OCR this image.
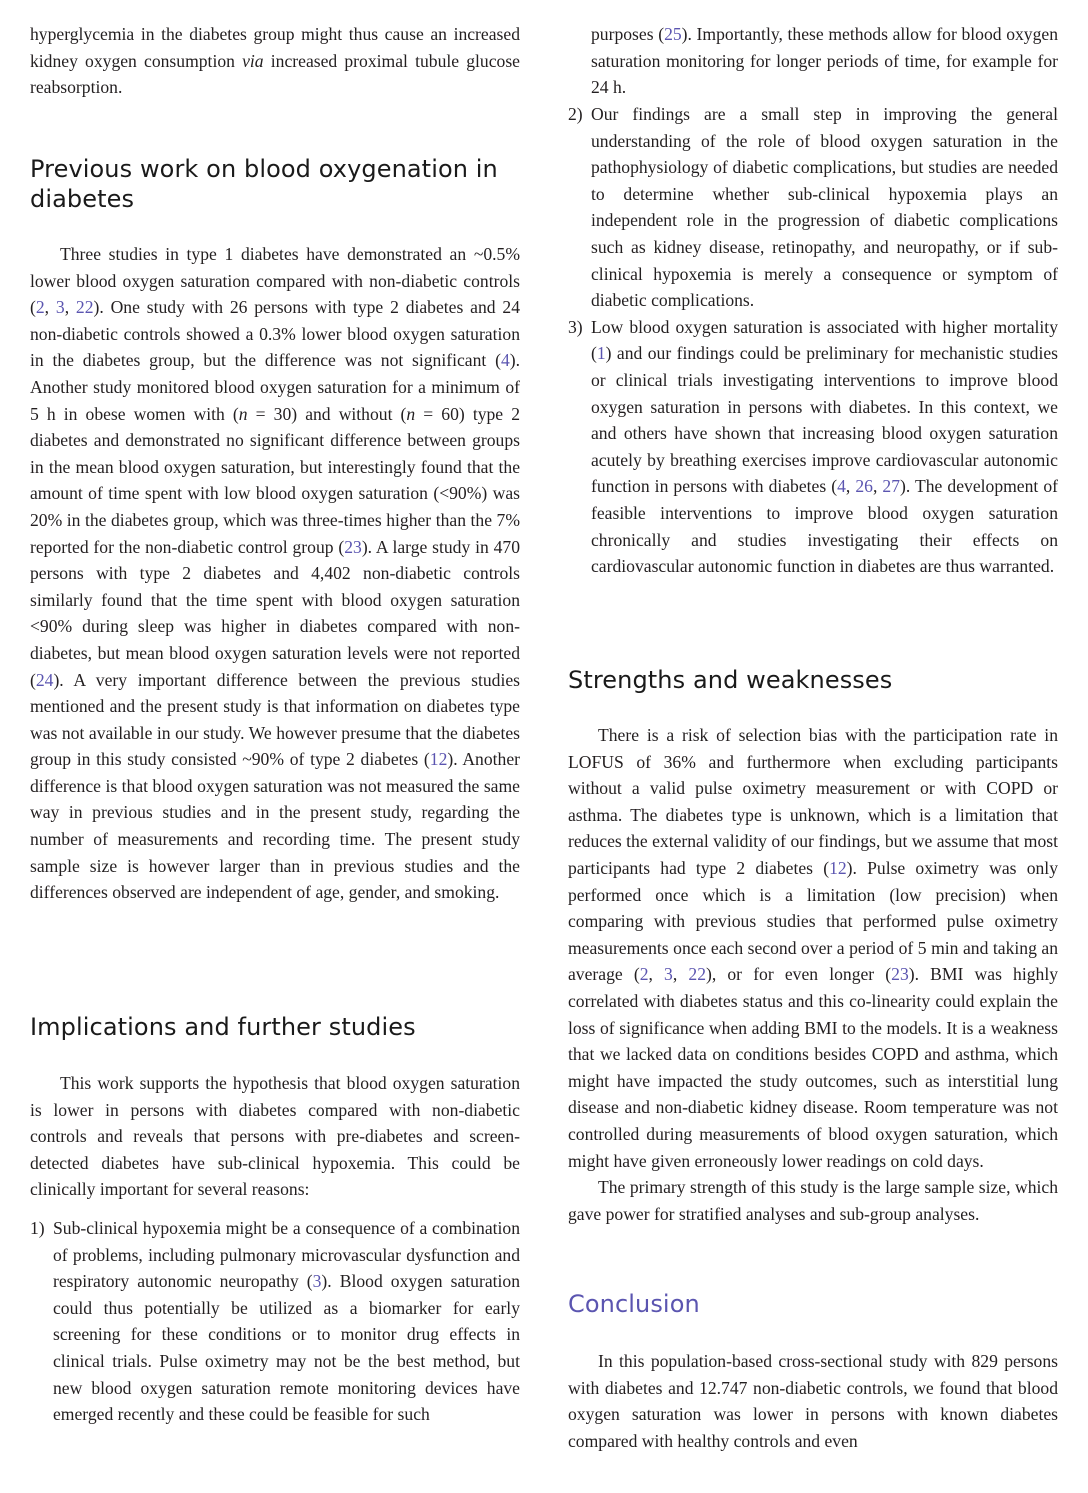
hyperglycemia in the diabetes group might thus cause an increased kidney oxygen consumption via increased proximal tubule glucose reabsorption.

Previous work on blood oxygenation in diabetes

Three studies in type 1 diabetes have demonstrated an ~0.5% lower blood oxygen saturation compared with non-diabetic controls (2, 3, 22). One study with 26 persons with type 2 diabetes and 24 non-diabetic controls showed a 0.3% lower blood oxygen saturation in the diabetes group, but the difference was not significant (4). Another study monitored blood oxygen saturation for a minimum of 5 h in obese women with (n = 30) and without (n = 60) type 2 diabetes and demonstrated no significant difference between groups in the mean blood oxygen saturation, but interestingly found that the amount of time spent with low blood oxygen saturation (<90%) was 20% in the diabetes group, which was three-times higher than the 7% reported for the non-diabetic control group (23). A large study in 470 persons with type 2 diabetes and 4,402 non-diabetic controls similarly found that the time spent with blood oxygen saturation <90% during sleep was higher in diabetes compared with non-diabetes, but mean blood oxygen saturation levels were not reported (24). A very important difference between the previous studies mentioned and the present study is that information on diabetes type was not available in our study. We however presume that the diabetes group in this study consisted ~90% of type 2 diabetes (12). Another difference is that blood oxygen saturation was not measured the same way in previous studies and in the present study, regarding the number of measurements and recording time. The present study sample size is however larger than in previous studies and the differences observed are independent of age, gender, and smoking.

Implications and further studies

This work supports the hypothesis that blood oxygen saturation is lower in persons with diabetes compared with non-diabetic controls and reveals that persons with pre-diabetes and screen-detected diabetes have sub-clinical hypoxemia. This could be clinically important for several reasons:

1) Sub-clinical hypoxemia might be a consequence of a combination of problems, including pulmonary microvascular dysfunction and respiratory autonomic neuropathy (3). Blood oxygen saturation could thus potentially be utilized as a biomarker for early screening for these conditions or to monitor drug effects in clinical trials. Pulse oximetry may not be the best method, but new blood oxygen saturation remote monitoring devices have emerged recently and these could be feasible for such

purposes (25). Importantly, these methods allow for blood oxygen saturation monitoring for longer periods of time, for example for 24 h.

2) Our findings are a small step in improving the general understanding of the role of blood oxygen saturation in the pathophysiology of diabetic complications, but studies are needed to determine whether sub-clinical hypoxemia plays an independent role in the progression of diabetic complications such as kidney disease, retinopathy, and neuropathy, or if sub-clinical hypoxemia is merely a consequence or symptom of diabetic complications.

3) Low blood oxygen saturation is associated with higher mortality (1) and our findings could be preliminary for mechanistic studies or clinical trials investigating interventions to improve blood oxygen saturation in persons with diabetes. In this context, we and others have shown that increasing blood oxygen saturation acutely by breathing exercises improve cardiovascular autonomic function in persons with diabetes (4, 26, 27). The development of feasible interventions to improve blood oxygen saturation chronically and studies investigating their effects on cardiovascular autonomic function in diabetes are thus warranted.

Strengths and weaknesses

There is a risk of selection bias with the participation rate in LOFUS of 36% and furthermore when excluding participants without a valid pulse oximetry measurement or with COPD or asthma. The diabetes type is unknown, which is a limitation that reduces the external validity of our findings, but we assume that most participants had type 2 diabetes (12). Pulse oximetry was only performed once which is a limitation (low precision) when comparing with previous studies that performed pulse oximetry measurements once each second over a period of 5 min and taking an average (2, 3, 22), or for even longer (23). BMI was highly correlated with diabetes status and this co-linearity could explain the loss of significance when adding BMI to the models. It is a weakness that we lacked data on conditions besides COPD and asthma, which might have impacted the study outcomes, such as interstitial lung disease and non-diabetic kidney disease. Room temperature was not controlled during measurements of blood oxygen saturation, which might have given erroneously lower readings on cold days.

The primary strength of this study is the large sample size, which gave power for stratified analyses and sub-group analyses.

Conclusion

In this population-based cross-sectional study with 829 persons with diabetes and 12.747 non-diabetic controls, we found that blood oxygen saturation was lower in persons with known diabetes compared with healthy controls and even
